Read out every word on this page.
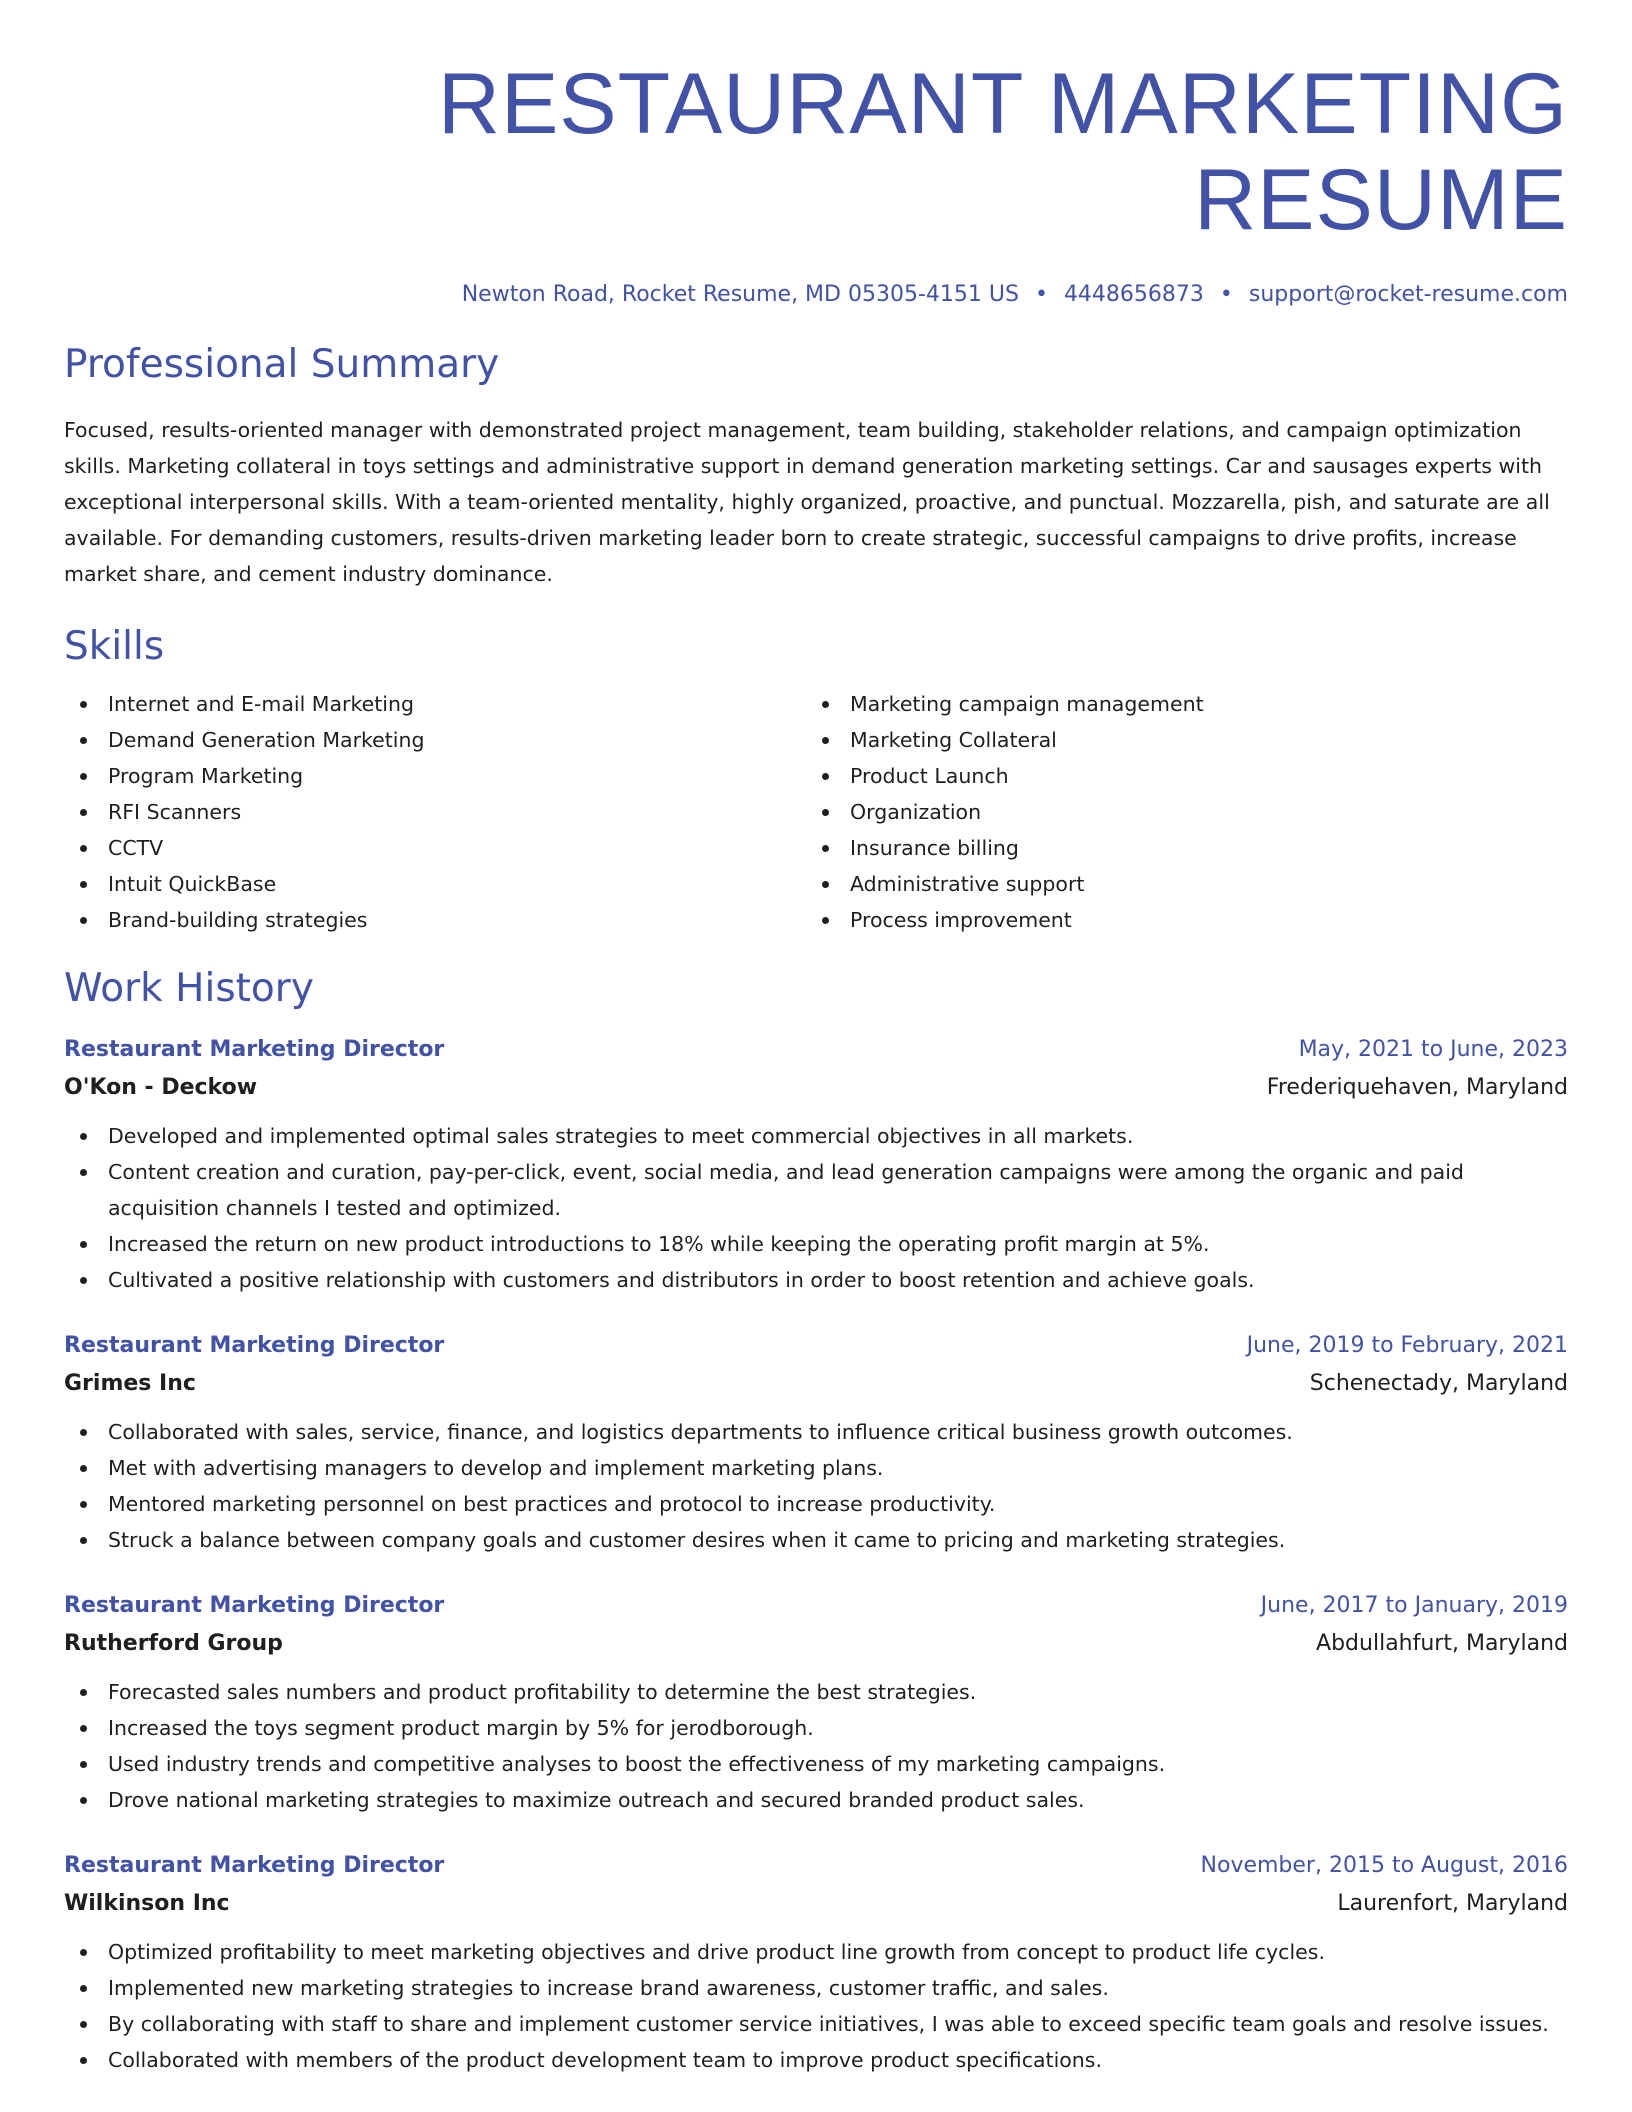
RESTAURANT MARKETING RESUME
Newton Road, Rocket Resume, MD 05305-4151 US • 4448656873 • support@rocket-resume.com
Professional Summary
Focused, results-oriented manager with demonstrated project management, team building, stakeholder relations, and campaign optimization skills. Marketing collateral in toys settings and administrative support in demand generation marketing settings. Car and sausages experts with exceptional interpersonal skills. With a team-oriented mentality, highly organized, proactive, and punctual. Mozzarella, pish, and saturate are all available. For demanding customers, results-driven marketing leader born to create strategic, successful campaigns to drive profits, increase market share, and cement industry dominance.
Skills
Internet and E-mail Marketing
Demand Generation Marketing
Program Marketing
RFI Scanners
CCTV
Intuit QuickBase
Brand-building strategies
Marketing campaign management
Marketing Collateral
Product Launch
Organization
Insurance billing
Administrative support
Process improvement
Work History
Restaurant Marketing Director	May, 2021 to June, 2023
O'Kon - Deckow	Frederiquehaven, Maryland
Developed and implemented optimal sales strategies to meet commercial objectives in all markets.
Content creation and curation, pay-per-click, event, social media, and lead generation campaigns were among the organic and paid acquisition channels I tested and optimized.
Increased the return on new product introductions to 18% while keeping the operating profit margin at 5%.
Cultivated a positive relationship with customers and distributors in order to boost retention and achieve goals.
Restaurant Marketing Director	June, 2019 to February, 2021
Grimes Inc	Schenectady, Maryland
Collaborated with sales, service, finance, and logistics departments to influence critical business growth outcomes.
Met with advertising managers to develop and implement marketing plans.
Mentored marketing personnel on best practices and protocol to increase productivity.
Struck a balance between company goals and customer desires when it came to pricing and marketing strategies.
Restaurant Marketing Director	June, 2017 to January, 2019
Rutherford Group	Abdullahfurt, Maryland
Forecasted sales numbers and product profitability to determine the best strategies.
Increased the toys segment product margin by 5% for jerodborough.
Used industry trends and competitive analyses to boost the effectiveness of my marketing campaigns.
Drove national marketing strategies to maximize outreach and secured branded product sales.
Restaurant Marketing Director	November, 2015 to August, 2016
Wilkinson Inc	Laurenfort, Maryland
Optimized profitability to meet marketing objectives and drive product line growth from concept to product life cycles.
Implemented new marketing strategies to increase brand awareness, customer traffic, and sales.
By collaborating with staff to share and implement customer service initiatives, I was able to exceed specific team goals and resolve issues.
Collaborated with members of the product development team to improve product specifications.
